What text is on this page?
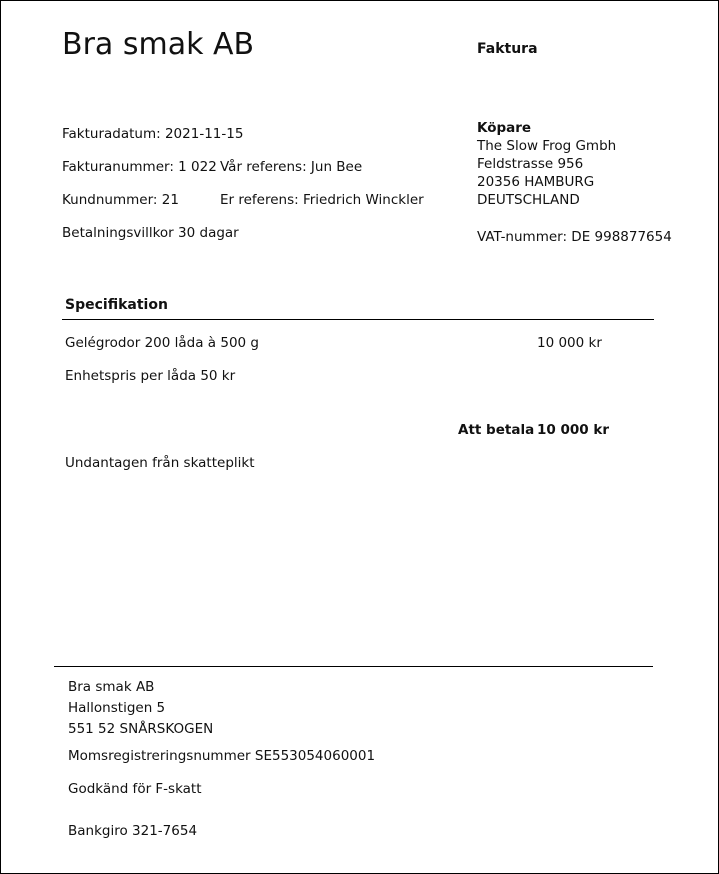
Bra smak AB	Faktura
Fakturadatum: 2021-11-15
Fakturanummer: 1 022 Vår referens: Jun Bee
Kundnummer: 21	Er referens: Friedrich Winckler
Betalningsvillkor 30 dagar
Köpare
The Slow Frog Gmbh
Feldstrasse 956
20356 HAMBURG
DEUTSCHLAND
VAT-nummer: DE 998877654
Specifikation
Gelégrodor 200 låda à 500 g	10 000 kr
Enhetspris per låda 50 kr
Att betala 10 000 kr
Undantagen från skatteplikt
Bra smak AB
Hallonstigen 5
551 52 SNÅRSKOGEN
Momsregistreringsnummer SE553054060001
Godkänd för F-skatt
Bankgiro 321-7654
